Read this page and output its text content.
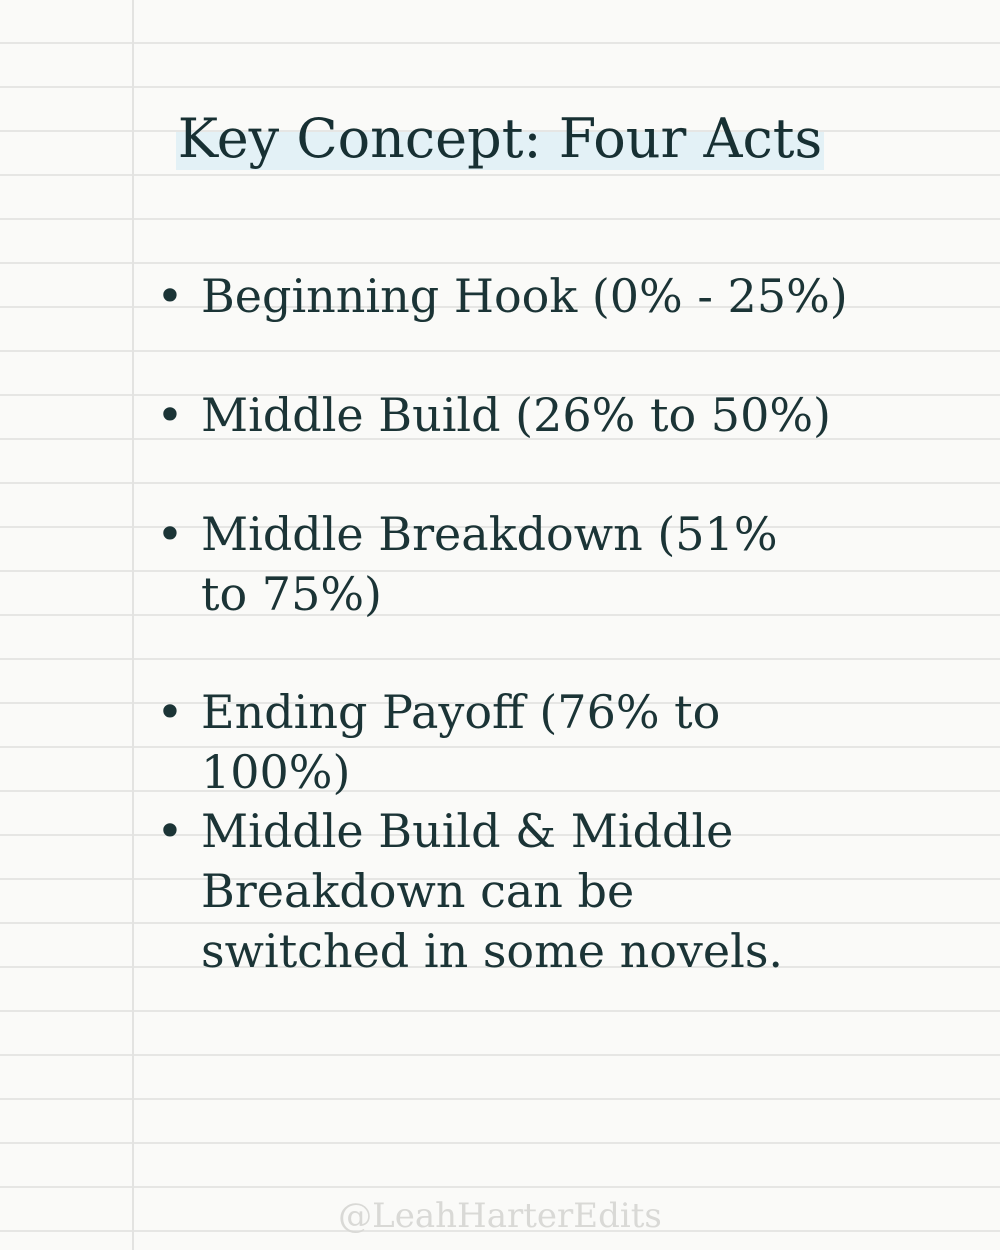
Key Concept: Four Acts
• Beginning Hook (0% - 25%)
• Middle Build (26% to 50%)
• Middle Breakdown (51% to 75%)
• Ending Payoff (76% to 100%)
• Middle Build & Middle Breakdown can be switched in some novels.
@LeahHarterEdits
